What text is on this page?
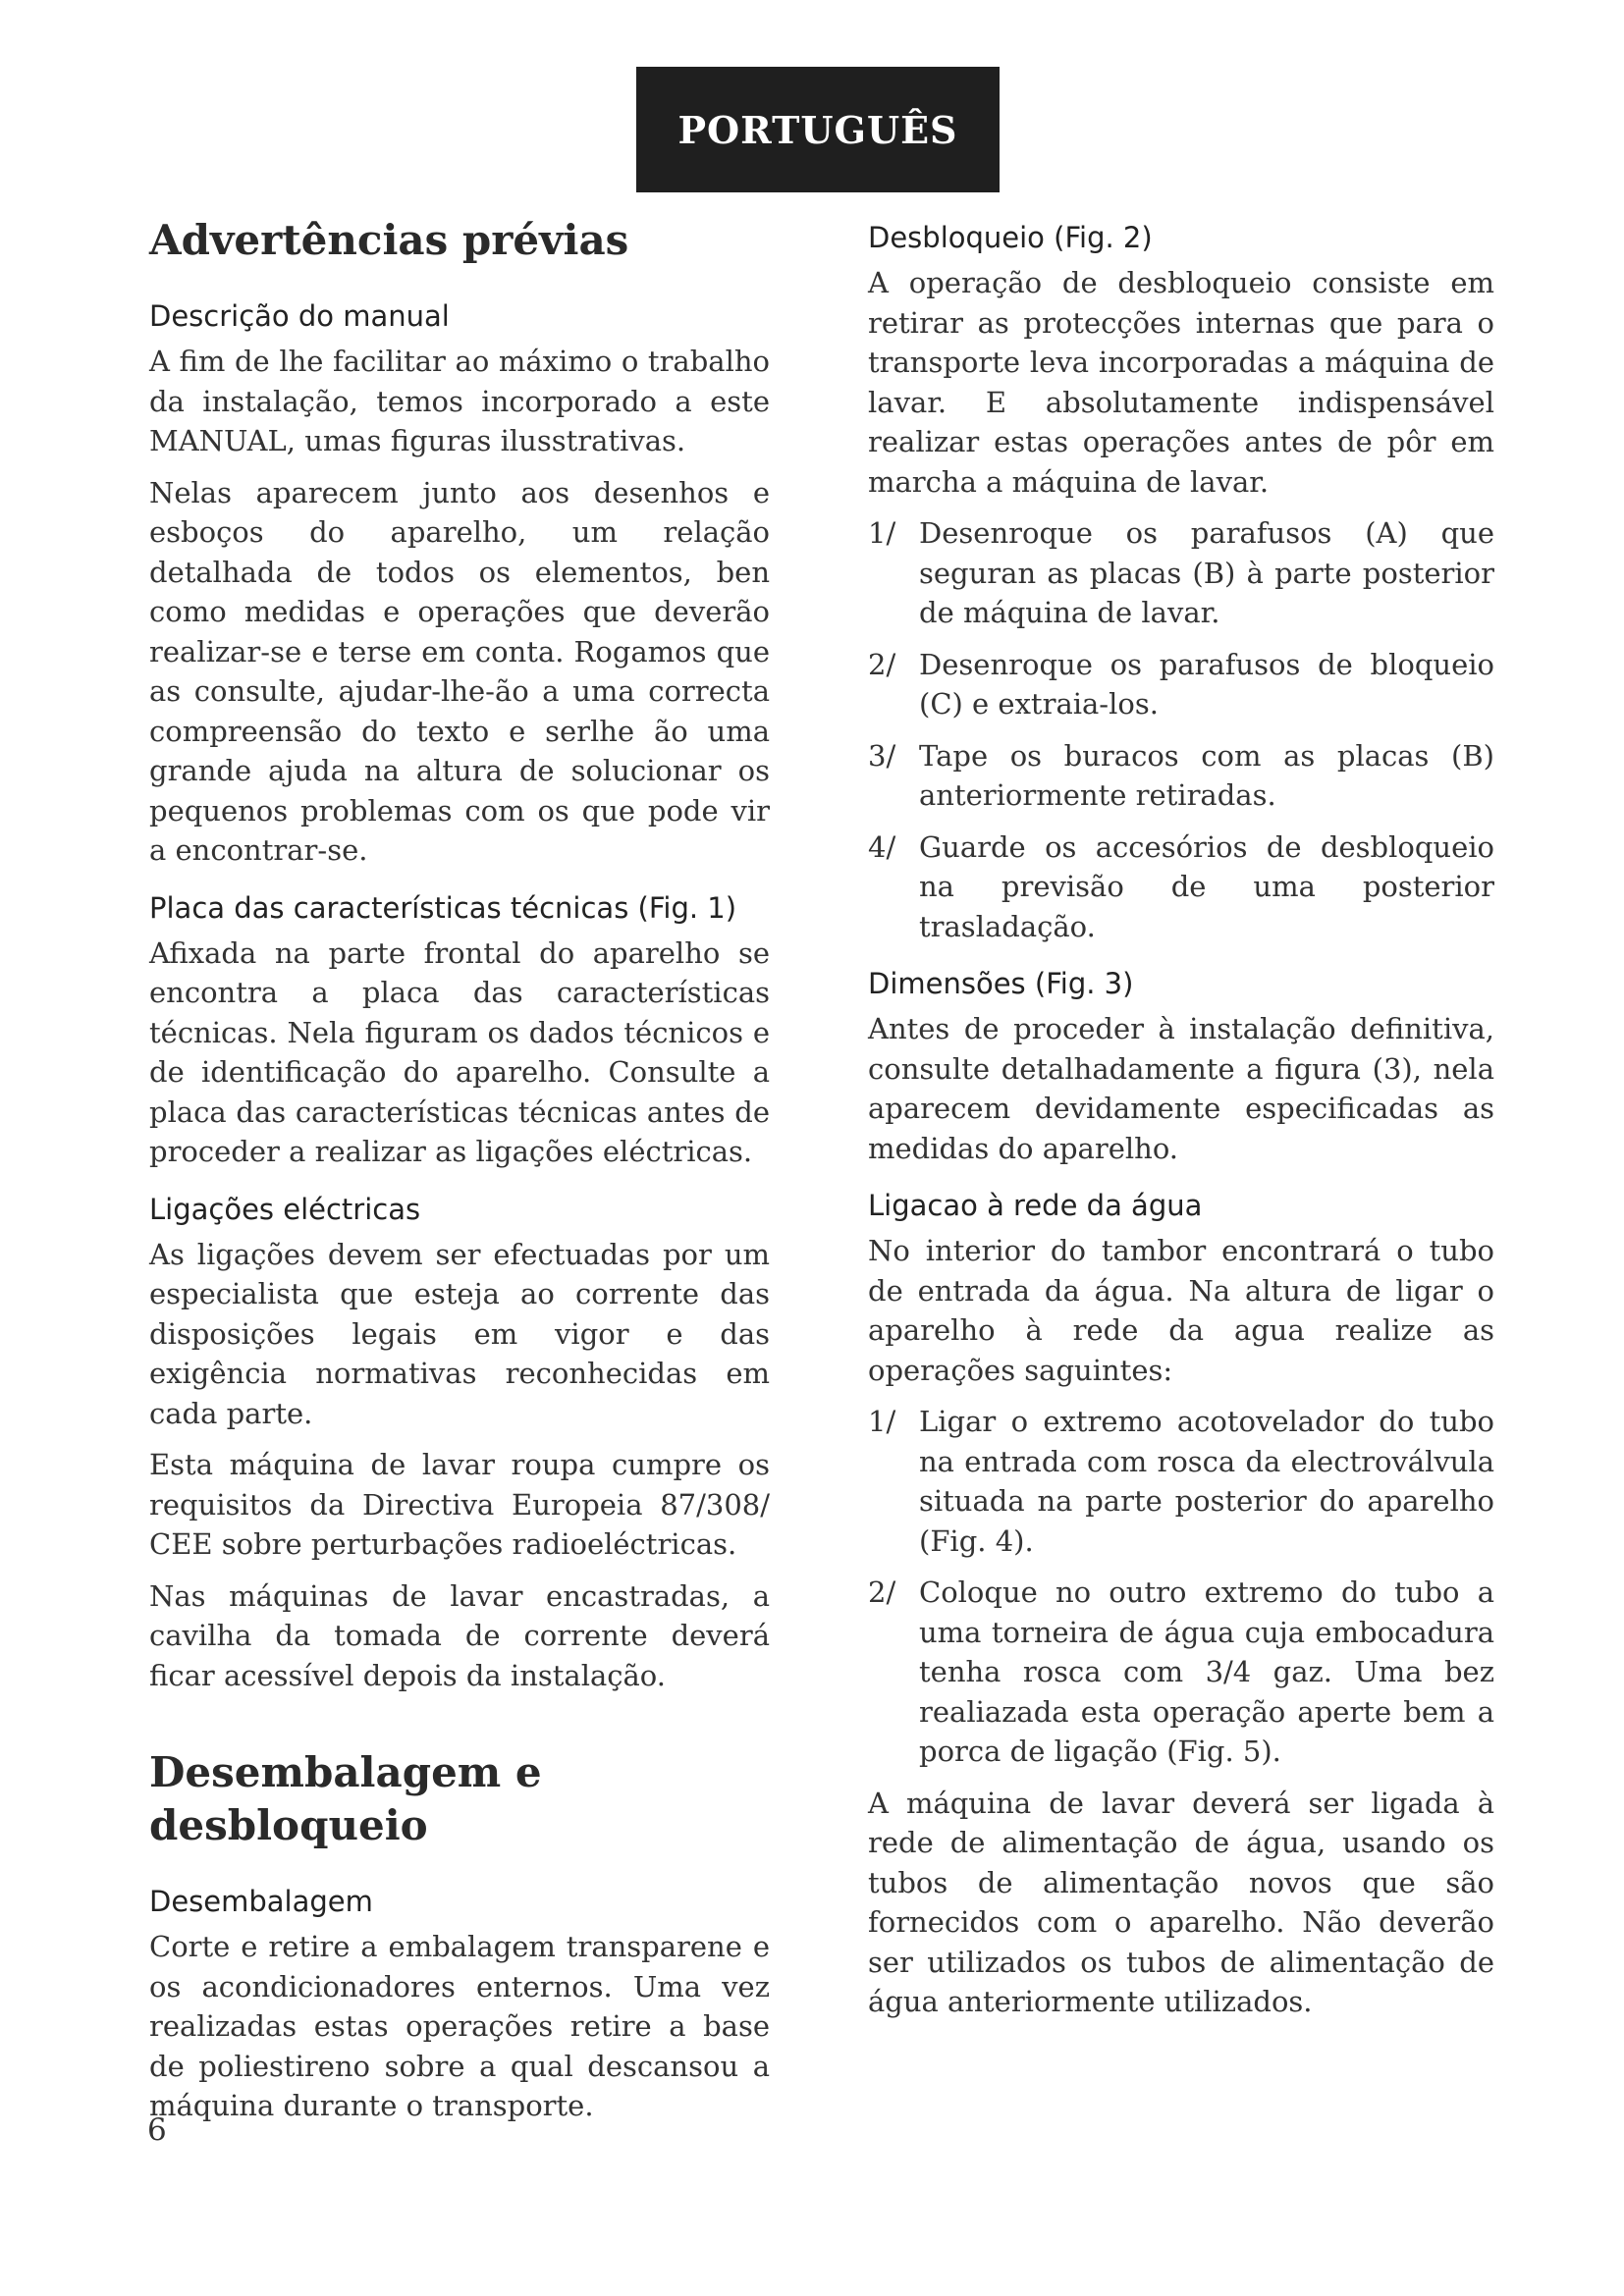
PORTUGUÊS
Advertências prévias
Descrição do manual
A fim de lhe facilitar ao máximo o trabalho da instalação, temos incorporado a este MANUAL, umas figuras ilusstrativas.
Nelas aparecem junto aos desenhos e esboços do aparelho, um relação detalhada de todos os elementos, ben como medidas e operações que deverão realizar-se e terse em conta. Rogamos que as consulte, ajudar-lhe-ão a uma correcta compreensão do texto e serlhe ão uma grande ajuda na altura de solucionar os pequenos problemas com os que pode vir a encontrar-se.
Placa das características técnicas (Fig. 1)
Afixada na parte frontal do aparelho se encontra a placa das características técnicas. Nela figuram os dados técnicos e de identificação do aparelho. Consulte a placa das características técnicas antes de proceder a realizar as ligações eléctricas.
Ligações eléctricas
As ligações devem ser efectuadas por um especialista que esteja ao corrente das disposições legais em vigor e das exigência normativas reconhecidas em cada parte.
Esta máquina de lavar roupa cumpre os requisitos da Directiva Europeia 87/308/ CEE sobre perturbações radioeléctricas.
Nas máquinas de lavar encastradas, a cavilha da tomada de corrente deverá ficar acessível depois da instalação.
Desembalagem e desbloqueio
Desembalagem
Corte e retire a embalagem transparene e os acondicionadores enternos. Uma vez realizadas estas operações retire a base de poliestireno sobre a qual descansou a máquina durante o transporte.
Desbloqueio (Fig. 2)
A operação de desbloqueio consiste em retirar as protecções internas que para o transporte leva incorporadas a máquina de lavar. E absolutamente indispensável realizar estas operações antes de pôr em marcha a máquina de lavar.
1/ Desenroque os parafusos (A) que seguran as placas (B) à parte posterior de máquina de lavar.
2/ Desenroque os parafusos de bloqueio (C) e extraia-los.
3/ Tape os buracos com as placas (B) anteriormente retiradas.
4/ Guarde os accesórios de desbloqueio na previsão de uma posterior trasladação.
Dimensões (Fig. 3)
Antes de proceder à instalação definitiva, consulte detalhadamente a figura (3), nela aparecem devidamente especificadas as medidas do aparelho.
Ligacao à rede da água
No interior do tambor encontrará o tubo de entrada da água. Na altura de ligar o aparelho à rede da agua realize as operações saguintes:
1/ Ligar o extremo acotovelador do tubo na entrada com rosca da electroválvula situada na parte posterior do aparelho (Fig. 4).
2/ Coloque no outro extremo do tubo a uma torneira de água cuja embocadura tenha rosca com 3/4 gaz. Uma bez realiazada esta operação aperte bem a porca de ligação (Fig. 5).
A máquina de lavar deverá ser ligada à rede de alimentação de água, usando os tubos de alimentação novos que são fornecidos com o aparelho. Não deverão ser utilizados os tubos de alimentação de água anteriormente utilizados.
6
